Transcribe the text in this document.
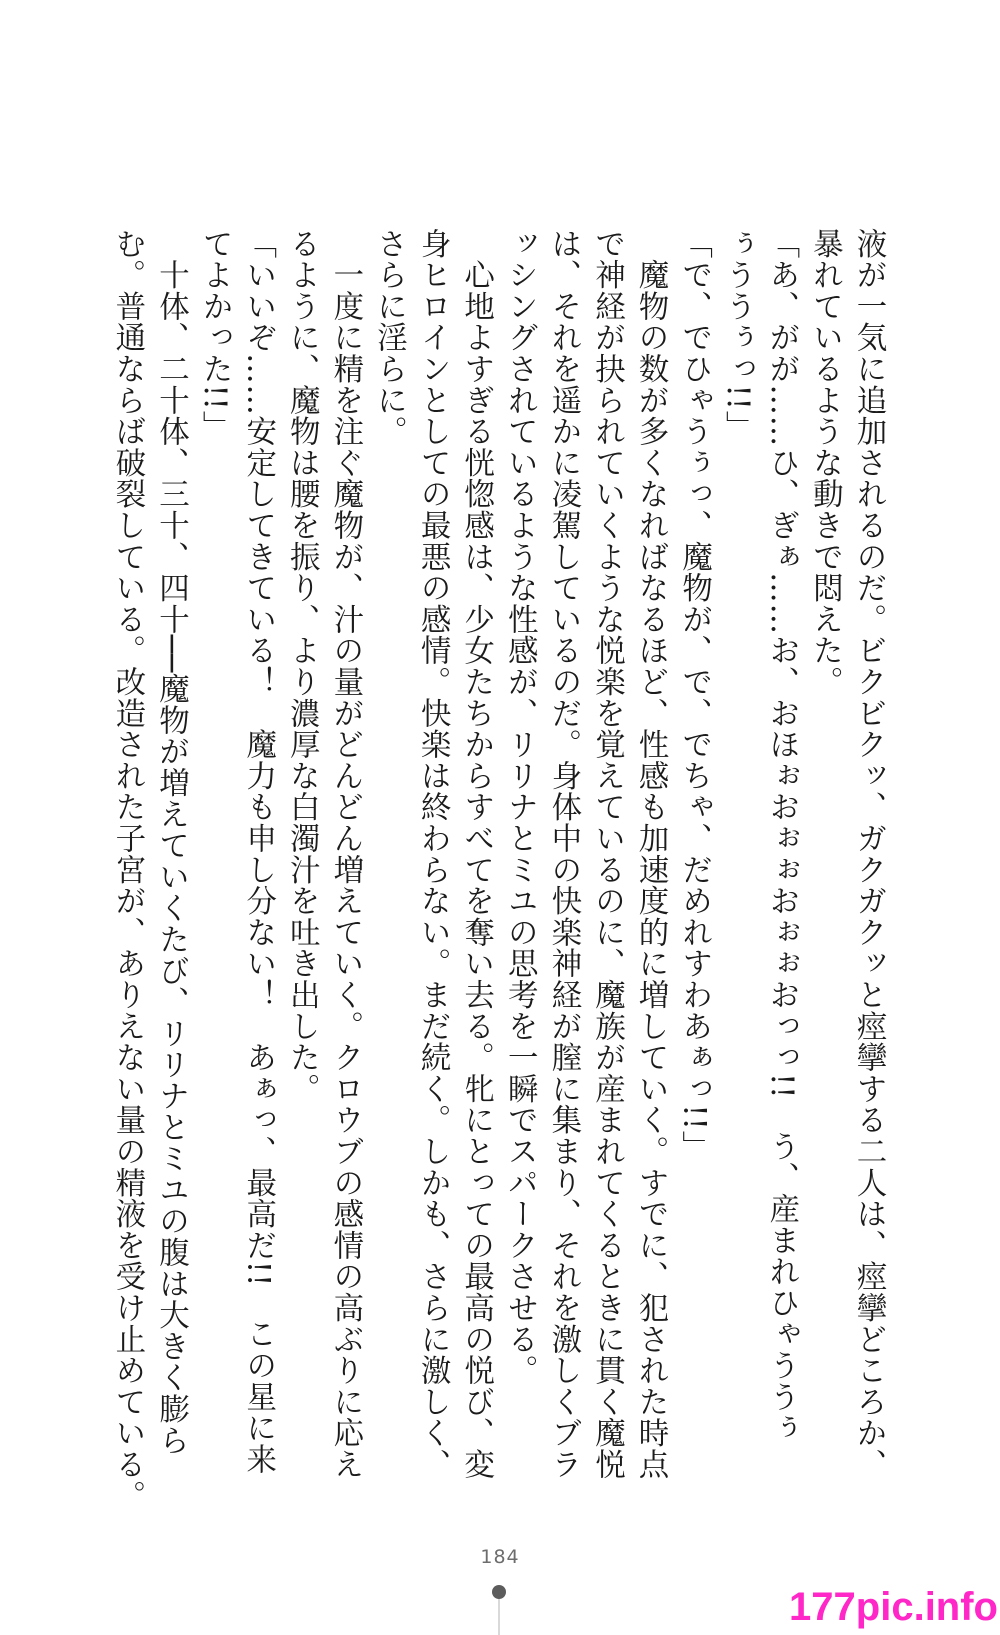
液が一気に追加されるのだ。ビクビクッ、ガクガクッと痙攣する二人は、痙攣どころか、
暴れているような動きで悶えた。
「あ、がが……ひ、ぎぁ……お、おほぉおぉぉおぉぉおっっ!!　う、産まれひゃううぅ
ぅううぅっ!!」
「で、でひゃうぅっ、魔物が、で、でちゃ、だめれすわあぁっ!!」
　魔物の数が多くなればなるほど、性感も加速度的に増していく。すでに、犯された時点
で神経が抉られていくような悦楽を覚えているのに、魔族が産まれてくるときに貫く魔悦
は、それを遥かに凌駕しているのだ。身体中の快楽神経が膣に集まり、それを激しくブラ
ッシングされているような性感が、リリナとミユの思考を一瞬でスパークさせる。
　心地よすぎる恍惚感は、少女たちからすべてを奪い去る。牝にとっての最高の悦び、変
身ヒロインとしての最悪の感情。快楽は終わらない。まだ続く。しかも、さらに激しく、
さらに淫らに。
　一度に精を注ぐ魔物が、汁の量がどんどん増えていく。クロウブの感情の高ぶりに応え
るように、魔物は腰を振り、より濃厚な白濁汁を吐き出した。
「いいぞ……安定してきている！　魔力も申し分ない！　あぁっ、最高だ!!　この星に来
てよかった!!」
　十体、二十体、三十、四十──魔物が増えていくたび、リリナとミユの腹は大きく膨ら
む。普通ならば破裂している。改造された子宮が、ありえない量の精液を受け止めている。
184
177pic.info
